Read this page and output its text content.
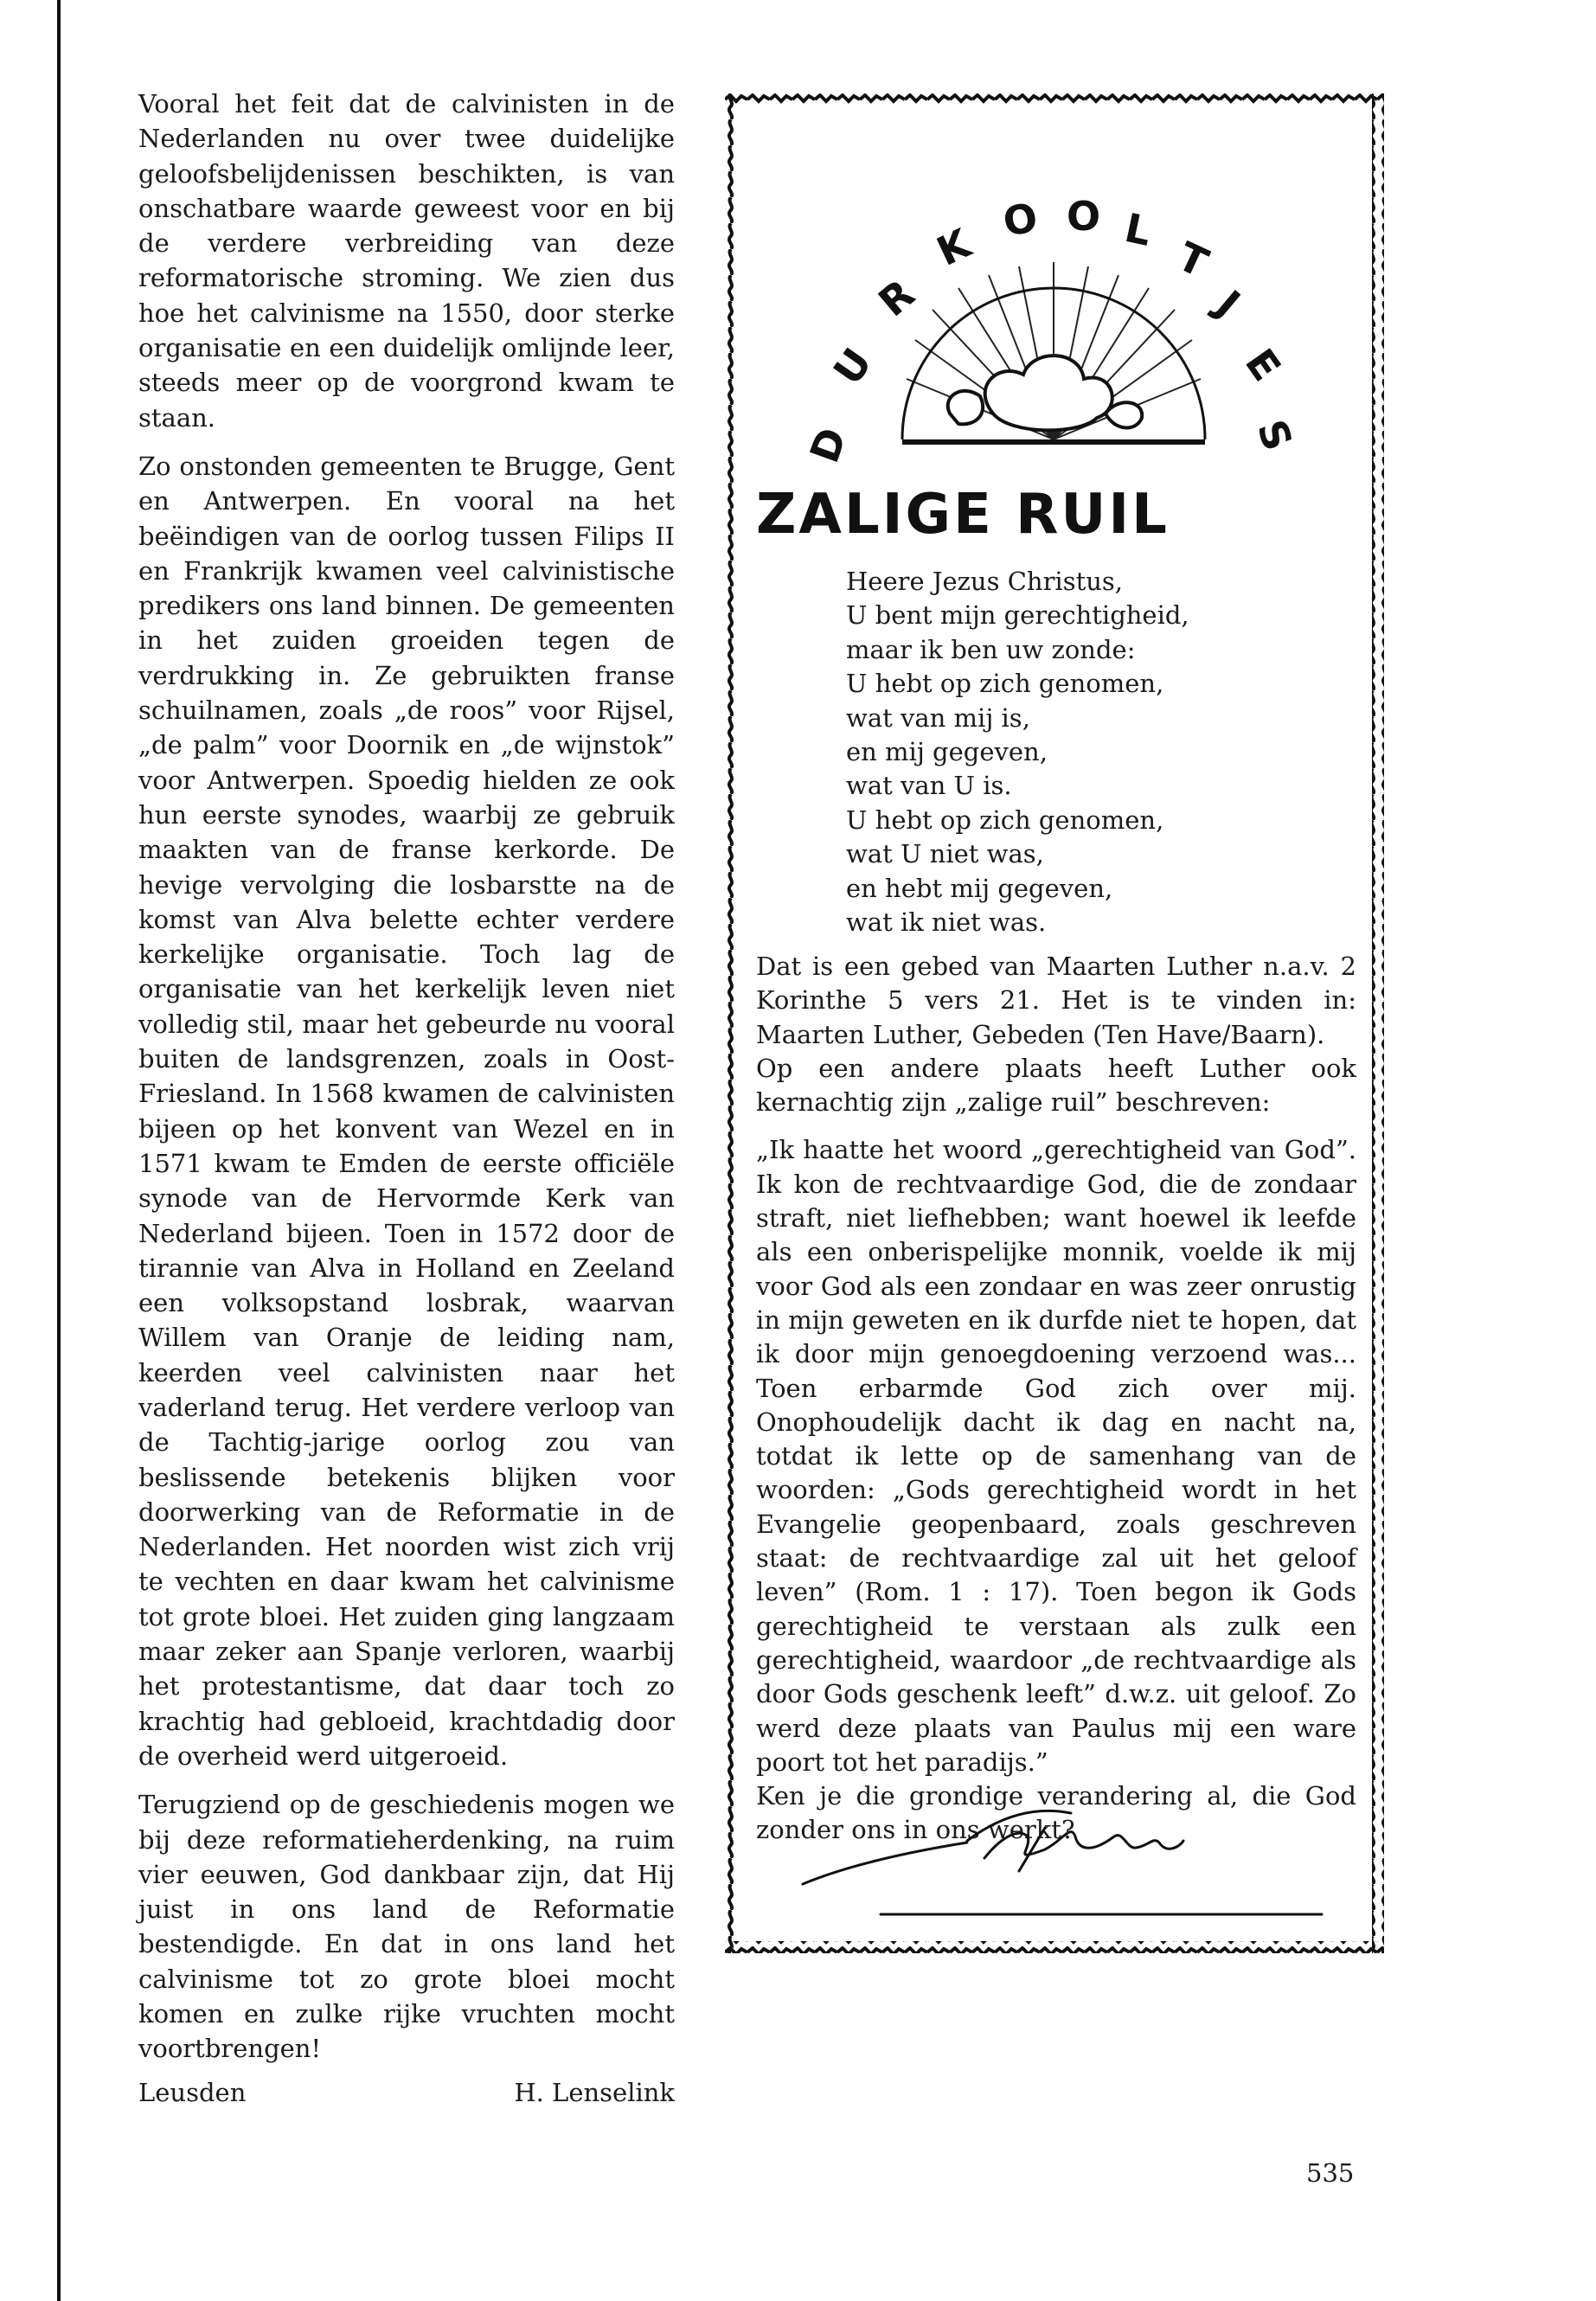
Vooral het feit dat de calvinisten in de Nederlanden nu over twee duidelijke geloofsbelijdenissen beschikten, is van onschatbare waarde geweest voor en bij de verdere verbreiding van deze reformatorische stroming. We zien dus hoe het calvinisme na 1550, door sterke organisatie en een duidelijk omlijnde leer, steeds meer op de voorgrond kwam te staan.

Zo onstonden gemeenten te Brugge, Gent en Antwerpen. En vooral na het beëindigen van de oorlog tussen Filips II en Frankrijk kwamen veel calvinistische predikers ons land binnen. De gemeenten in het zuiden groeiden tegen de verdrukking in. Ze gebruikten franse schuilnamen, zoals „de roos” voor Rijsel, „de palm” voor Doornik en „de wijnstok” voor Antwerpen. Spoedig hielden ze ook hun eerste synodes, waarbij ze gebruik maakten van de franse kerkorde. De hevige vervolging die losbarstte na de komst van Alva belette echter verdere kerkelijke organisatie. Toch lag de organisatie van het kerkelijk leven niet volledig stil, maar het gebeurde nu vooral buiten de landsgrenzen, zoals in Oost-Friesland. In 1568 kwamen de calvinisten bijeen op het konvent van Wezel en in 1571 kwam te Emden de eerste officiële synode van de Hervormde Kerk van Nederland bijeen. Toen in 1572 door de tirannie van Alva in Holland en Zeeland een volksopstand losbrak, waarvan Willem van Oranje de leiding nam, keerden veel calvinisten naar het vaderland terug. Het verdere verloop van de Tachtig-jarige oorlog zou van beslissende betekenis blijken voor doorwerking van de Reformatie in de Nederlanden. Het noorden wist zich vrij te vechten en daar kwam het calvinisme tot grote bloei. Het zuiden ging langzaam maar zeker aan Spanje verloren, waarbij het protestantisme, dat daar toch zo krachtig had gebloeid, krachtdadig door de overheid werd uitgeroeid.

Terugziend op de geschiedenis mogen we bij deze reformatieherdenking, na ruim vier eeuwen, God dankbaar zijn, dat Hij juist in ons land de Reformatie bestendigde. En dat in ons land het calvinisme tot zo grote bloei mocht komen en zulke rijke vruchten mocht voortbrengen!

Leusden	H. Lenselink
D
U
R
K
O O L
T
J
E
S
ZALIGE RUIL
Heere Jezus Christus,
U bent mijn gerechtigheid,
maar ik ben uw zonde:
U hebt op zich genomen,
wat van mij is,
en mij gegeven,
wat van U is.
U hebt op zich genomen,
wat U niet was,
en hebt mij gegeven,
wat ik niet was.

Dat is een gebed van Maarten Luther n.a.v. 2 Korinthe 5 vers 21. Het is te vinden in: Maarten Luther, Gebeden (Ten Have/Baarn).

Op een andere plaats heeft Luther ook kernachtig zijn „zalige ruil” beschreven:

„Ik haatte het woord „gerechtigheid van God”. Ik kon de rechtvaardige God, die de zondaar straft, niet liefhebben; want hoewel ik leefde als een onberispelijke monnik, voelde ik mij voor God als een zondaar en was zeer onrustig in mijn geweten en ik durfde niet te hopen, dat ik door mijn genoegdoening verzoend was... Toen erbarmde God zich over mij. Onophoudelijk dacht ik dag en nacht na, totdat ik lette op de samenhang van de woorden: „Gods gerechtigheid wordt in het Evangelie geopenbaard, zoals geschreven staat: de rechtvaardige zal uit het geloof leven” (Rom. 1 : 17). Toen begon ik Gods gerechtigheid te verstaan als zulk een gerechtigheid, waardoor „de rechtvaardige als door Gods geschenk leeft” d.w.z. uit geloof. Zo werd deze plaats van Paulus mij een ware poort tot het paradijs.”

Ken je die grondige verandering al, die God zonder ons in ons werkt?

535
